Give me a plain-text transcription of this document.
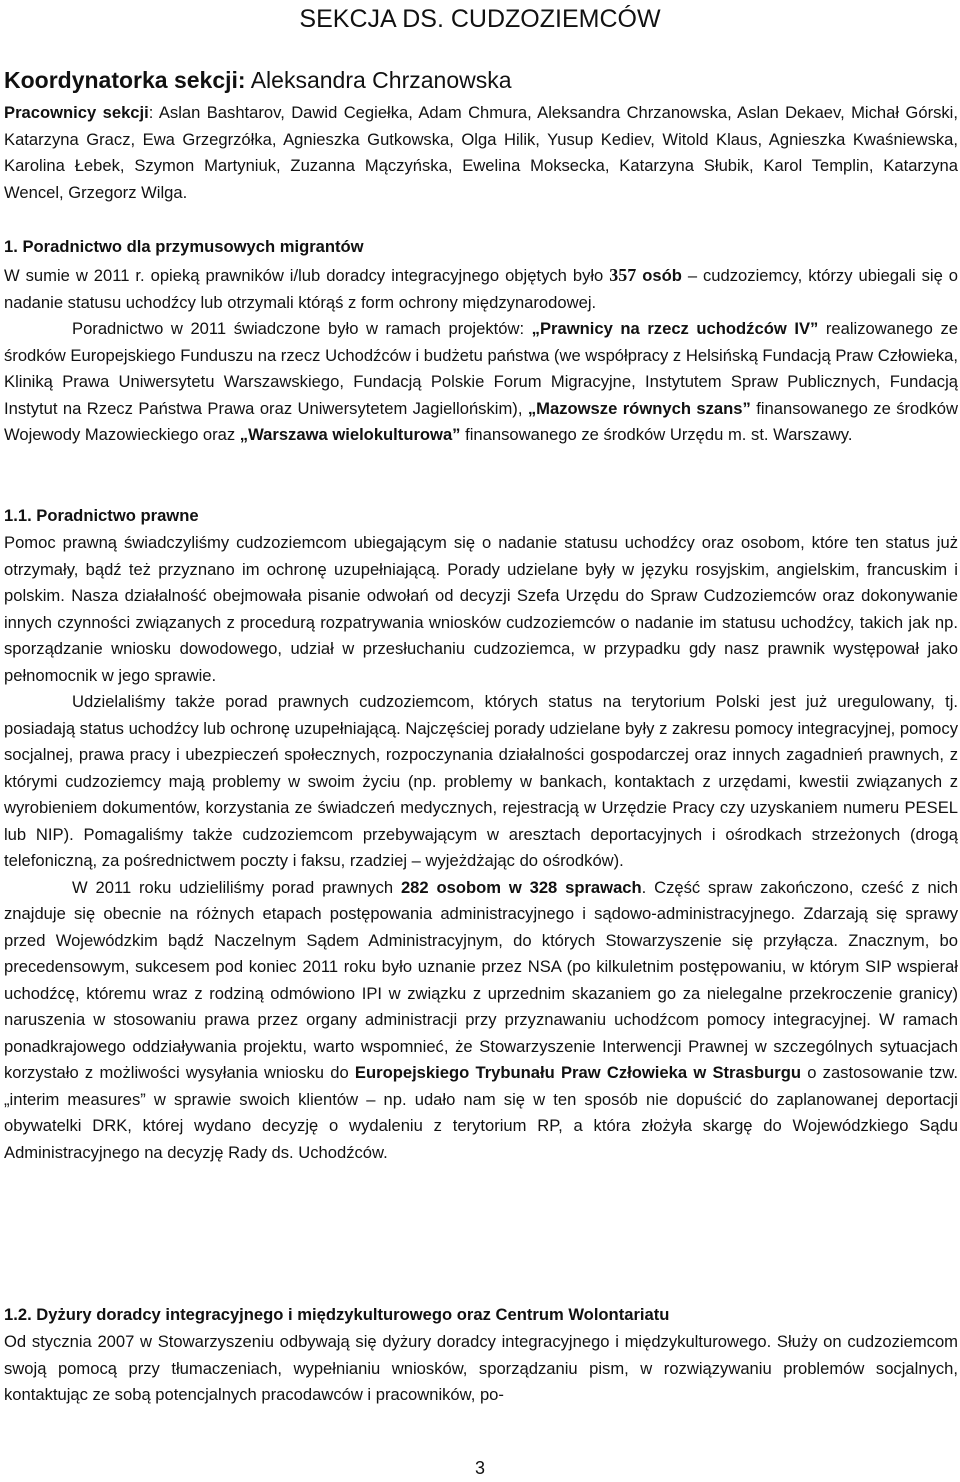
SEKCJA DS. CUDZOZIEMCÓW

Koordynatorka sekcji: Aleksandra Chrzanowska

Pracownicy sekcji: Aslan Bashtarov, Dawid Cegiełka, Adam Chmura, Aleksandra Chrzanowska, Aslan Dekaev, Michał Górski, Katarzyna Gracz, Ewa Grzegrzółka, Agnieszka Gutkowska, Olga Hilik, Yusup Kediev, Witold Klaus, Agnieszka Kwaśniewska, Karolina Łebek, Szymon Martyniuk, Zuzanna Mączyńska, Ewelina Moksecka, Katarzyna Słubik, Karol Templin, Katarzyna Wencel, Grzegorz Wilga.

1. Poradnictwo dla przymusowych migrantów

W sumie w 2011 r. opieką prawników i/lub doradcy integracyjnego objętych było 357 osób – cudzoziemcy, którzy ubiegali się o nadanie statusu uchodźcy lub otrzymali którąś z form ochrony międzynarodowej.

Poradnictwo w 2011 świadczone było w ramach projektów: „Prawnicy na rzecz uchodźców IV” realizowanego ze środków Europejskiego Funduszu na rzecz Uchodźców i budżetu państwa (we współpracy z Helsińską Fundacją Praw Człowieka, Kliniką Prawa Uniwersytetu Warszawskiego, Fundacją Polskie Forum Migracyjne, Instytutem Spraw Publicznych, Fundacją Instytut na Rzecz Państwa Prawa oraz Uniwersytetem Jagiellońskim), „Mazowsze równych szans” finansowanego ze środków Wojewody Mazowieckiego oraz „Warszawa wielokulturowa” finansowanego ze środków Urzędu m. st. Warszawy.

1.1. Poradnictwo prawne

Pomoc prawną świadczyliśmy cudzoziemcom ubiegającym się o nadanie statusu uchodźcy oraz osobom, które ten status już otrzymały, bądź też przyznano im ochronę uzupełniającą. Porady udzielane były w języku rosyjskim, angielskim, francuskim i polskim. Nasza działalność obejmowała pisanie odwołań od decyzji Szefa Urzędu do Spraw Cudzoziemców oraz dokonywanie innych czynności związanych z procedurą rozpatrywania wniosków cudzoziemców o nadanie im statusu uchodźcy, takich jak np. sporządzanie wniosku dowodowego, udział w przesłuchaniu cudzoziemca, w przypadku gdy nasz prawnik występował jako pełnomocnik w jego sprawie.

Udzielaliśmy także porad prawnych cudzoziemcom, których status na terytorium Polski jest już uregulowany, tj. posiadają status uchodźcy lub ochronę uzupełniającą. Najczęściej porady udzielane były z zakresu pomocy integracyjnej, pomocy socjalnej, prawa pracy i ubezpieczeń społecznych, rozpoczynania działalności gospodarczej oraz innych zagadnień prawnych, z którymi cudzoziemcy mają problemy w swoim życiu (np. problemy w bankach, kontaktach z urzędami, kwestii związanych z wyrobieniem dokumentów, korzystania ze świadczeń medycznych, rejestracją w Urzędzie Pracy czy uzyskaniem numeru PESEL lub NIP). Pomagaliśmy także cudzoziemcom przebywającym w aresztach deportacyjnych i ośrodkach strzeżonych (drogą telefoniczną, za pośrednictwem poczty i faksu, rzadziej – wyjeżdżając do ośrodków).

W 2011 roku udzieliliśmy porad prawnych 282 osobom w 328 sprawach. Część spraw zakończono, cześć z nich znajduje się obecnie na różnych etapach postępowania administracyjnego i sądowo-administracyjnego. Zdarzają się sprawy przed Wojewódzkim bądź Naczelnym Sądem Administracyjnym, do których Stowarzyszenie się przyłącza. Znacznym, bo precedensowym, sukcesem pod koniec 2011 roku było uznanie przez NSA (po kilkuletnim postępowaniu, w którym SIP wspierał uchodźcę, któremu wraz z rodziną odmówiono IPI w związku z uprzednim skazaniem go za nielegalne przekroczenie granicy) naruszenia w stosowaniu prawa przez organy administracji przy przyznawaniu uchodźcom pomocy integracyjnej. W ramach ponadkrajowego oddziaływania projektu, warto wspomnieć, że Stowarzyszenie Interwencji Prawnej w szczególnych sytuacjach korzystało z możliwości wysyłania wniosku do Europejskiego Trybunału Praw Człowieka w Strasburgu o zastosowanie tzw. „interim measures” w sprawie swoich klientów – np. udało nam się w ten sposób nie dopuścić do zaplanowanej deportacji obywatelki DRK, której wydano decyzję o wydaleniu z terytorium RP, a która złożyła skargę do Wojewódzkiego Sądu Administracyjnego na decyzję Rady ds. Uchodźców.

1.2. Dyżury doradcy integracyjnego i międzykulturowego oraz Centrum Wolontariatu

Od stycznia 2007 w Stowarzyszeniu odbywają się dyżury doradcy integracyjnego i międzykulturowego. Służy on cudzoziemcom swoją pomocą przy tłumaczeniach, wypełnianiu wniosków, sporządzaniu pism, w rozwiązywaniu problemów socjalnych, kontaktując ze sobą potencjalnych pracodawców i pracowników, po-

3
